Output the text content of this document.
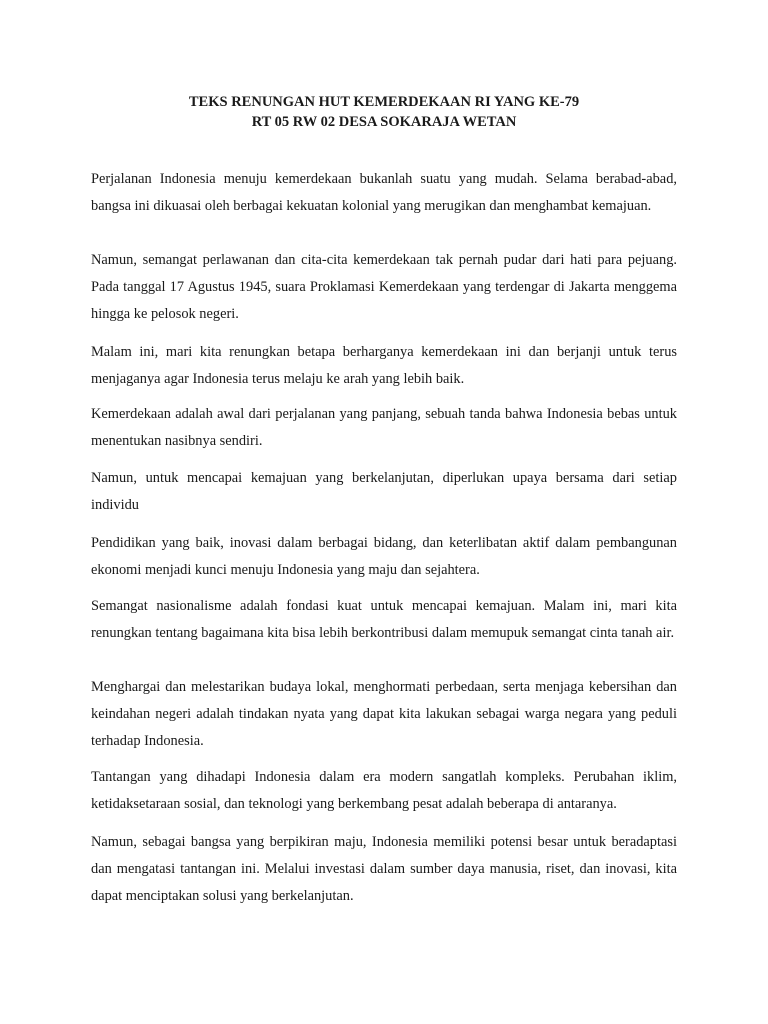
TEKS RENUNGAN HUT KEMERDEKAAN RI YANG KE-79
RT 05 RW 02 DESA SOKARAJA WETAN

Perjalanan Indonesia menuju kemerdekaan bukanlah suatu yang mudah. Selama berabad-abad, bangsa ini dikuasai oleh berbagai kekuatan kolonial yang merugikan dan menghambat kemajuan.

Namun, semangat perlawanan dan cita-cita kemerdekaan tak pernah pudar dari hati para pejuang. Pada tanggal 17 Agustus 1945, suara Proklamasi Kemerdekaan yang terdengar di Jakarta menggema hingga ke pelosok negeri.

Malam ini, mari kita renungkan betapa berharganya kemerdekaan ini dan berjanji untuk terus menjaganya agar Indonesia terus melaju ke arah yang lebih baik.

Kemerdekaan adalah awal dari perjalanan yang panjang, sebuah tanda bahwa Indonesia bebas untuk menentukan nasibnya sendiri.

Namun, untuk mencapai kemajuan yang berkelanjutan, diperlukan upaya bersama dari setiap individu

Pendidikan yang baik, inovasi dalam berbagai bidang, dan keterlibatan aktif dalam pembangunan ekonomi menjadi kunci menuju Indonesia yang maju dan sejahtera.

Semangat nasionalisme adalah fondasi kuat untuk mencapai kemajuan. Malam ini, mari kita renungkan tentang bagaimana kita bisa lebih berkontribusi dalam memupuk semangat cinta tanah air.

Menghargai dan melestarikan budaya lokal, menghormati perbedaan, serta menjaga kebersihan dan keindahan negeri adalah tindakan nyata yang dapat kita lakukan sebagai warga negara yang peduli terhadap Indonesia.

Tantangan yang dihadapi Indonesia dalam era modern sangatlah kompleks. Perubahan iklim, ketidaksetaraan sosial, dan teknologi yang berkembang pesat adalah beberapa di antaranya.

Namun, sebagai bangsa yang berpikiran maju, Indonesia memiliki potensi besar untuk beradaptasi dan mengatasi tantangan ini. Melalui investasi dalam sumber daya manusia, riset, dan inovasi, kita dapat menciptakan solusi yang berkelanjutan.
